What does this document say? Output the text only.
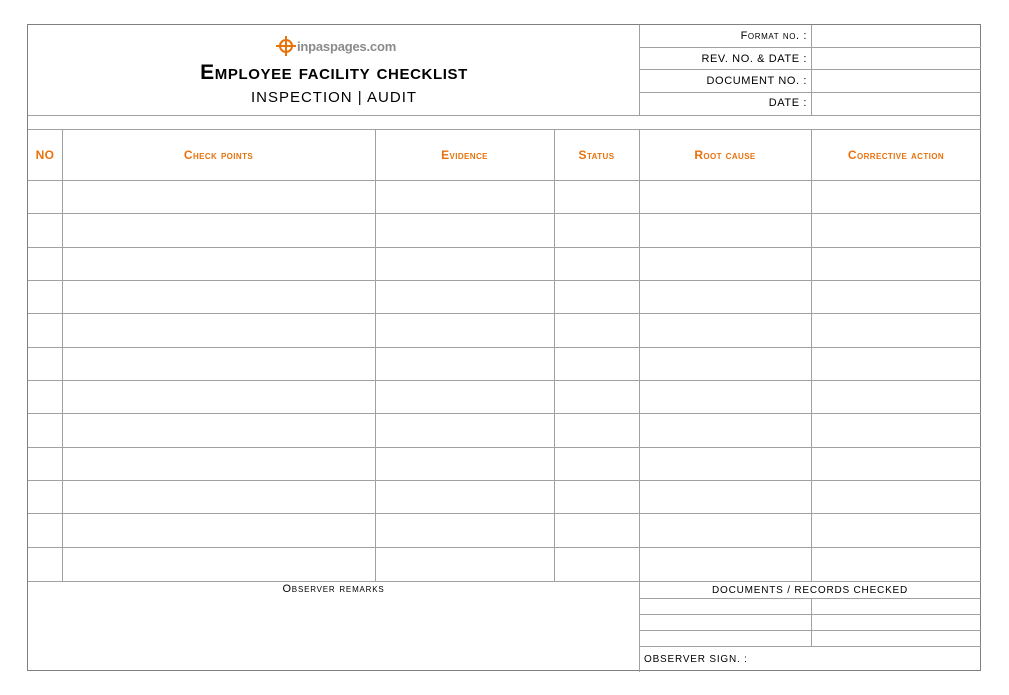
inpaspages.com
Employee facility checklist
INSPECTION | AUDIT
Format no. :
REV. NO. & DATE :
DOCUMENT NO. :
DATE :
NO	Check points	Evidence	Status	Root cause	Corrective action
Observer remarks	DOCUMENTS / RECORDS CHECKED
OBSERVER SIGN. :
